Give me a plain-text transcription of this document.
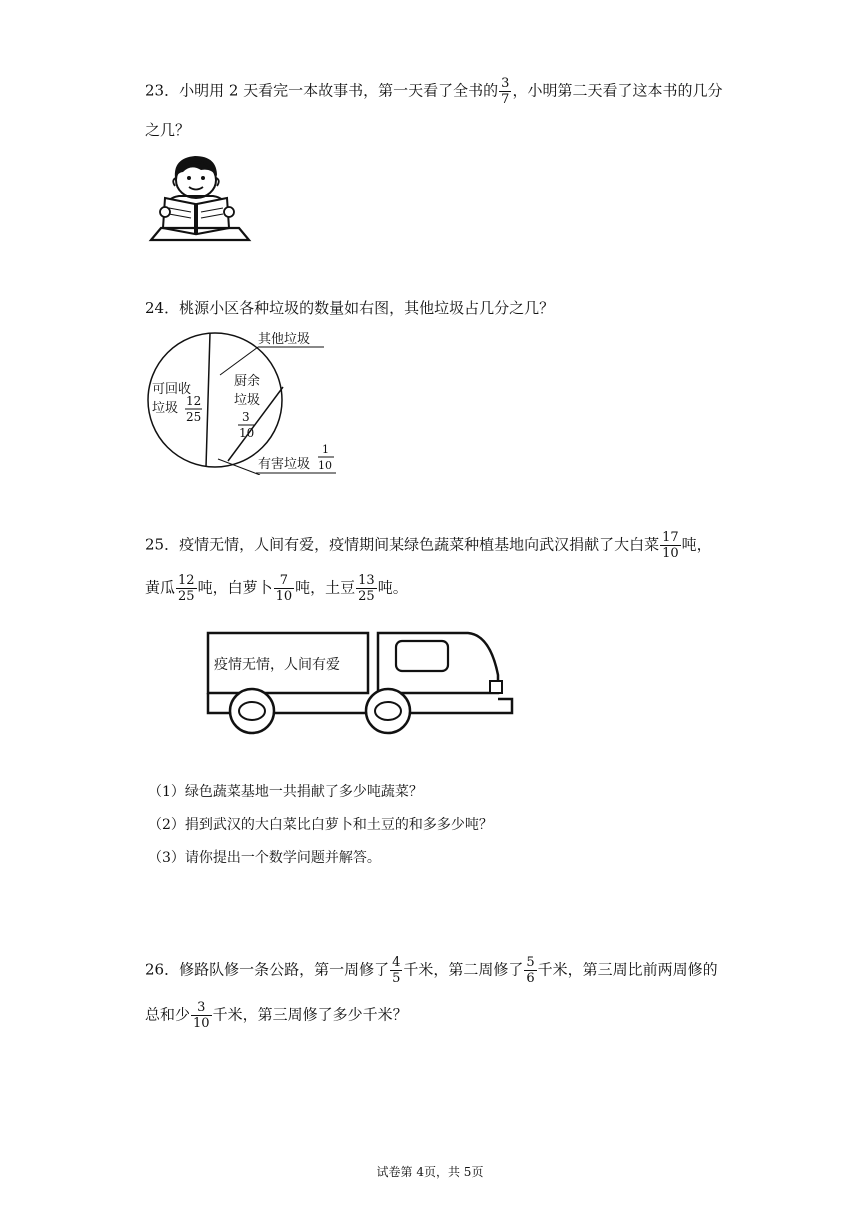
23．小明用 2 天看完一本故事书，第一天看了全书的 $\frac{3}{7}$ ，小明第二天看了这本书的几分
之几？
24．桃源小区各种垃圾的数量如右图，其他垃圾占几分之几？
其他垃圾
可回收
垃圾 12
25
厨余
垃圾
3
10
有害垃圾
1
10
25．疫情无情，人间有爱，疫情期间某绿色蔬菜种植基地向武汉捐献了大白菜 $\frac{17}{10}$ 吨，
黄瓜 $\frac{12}{25}$ 吨，白萝卜 $\frac{7}{10}$ 吨，土豆 $\frac{13}{25}$ 吨。
疫情无情，人间有爱
（1）绿色蔬菜基地一共捐献了多少吨蔬菜？
（2）捐到武汉的大白菜比白萝卜和土豆的和多多少吨？
（3）请你提出一个数学问题并解答。
26．修路队修一条公路，第一周修了 $\frac{4}{5}$ 千米，第二周修了 $\frac{5}{6}$ 千米，第三周比前两周修的
总和少 $\frac{3}{10}$ 千米，第三周修了多少千米？
试卷第 4页，共 5页
